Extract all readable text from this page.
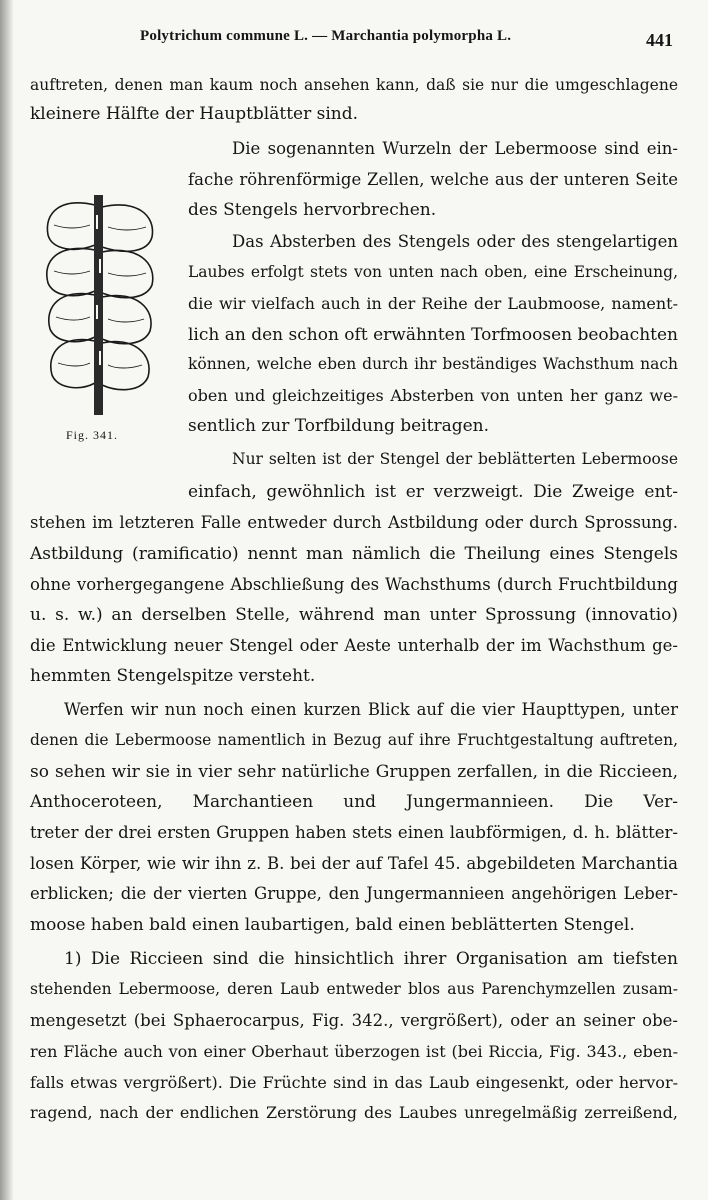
Polytrichum commune L. — Marchantia polymorpha L.	441
Fig. 341.
auftreten, denen man kaum noch ansehen kann, daß sie nur die umgeschlagene
kleinere Hälfte der Hauptblätter sind.
Die sogenannten Wurzeln der Lebermoose sind ein-
fache röhrenförmige Zellen, welche aus der unteren Seite
des Stengels hervorbrechen.
Das Absterben des Stengels oder des stengelartigen
Laubes erfolgt stets von unten nach oben, eine Erscheinung,
die wir vielfach auch in der Reihe der Laubmoose, nament-
lich an den schon oft erwähnten Torfmoosen beobachten
können, welche eben durch ihr beständiges Wachsthum nach
oben und gleichzeitiges Absterben von unten her ganz we-
sentlich zur Torfbildung beitragen.
Nur selten ist der Stengel der beblätterten Lebermoose
einfach, gewöhnlich ist er verzweigt. Die Zweige ent-
stehen im letzteren Falle entweder durch Astbildung oder durch Sprossung.
Astbildung (ramificatio) nennt man nämlich die Theilung eines Stengels
ohne vorhergegangene Abschließung des Wachsthums (durch Fruchtbildung
u. s. w.) an derselben Stelle, während man unter Sprossung (innovatio)
die Entwicklung neuer Stengel oder Aeste unterhalb der im Wachsthum ge-
hemmten Stengelspitze versteht.
Werfen wir nun noch einen kurzen Blick auf die vier Haupttypen, unter
denen die Lebermoose namentlich in Bezug auf ihre Fruchtgestaltung auftreten,
so sehen wir sie in vier sehr natürliche Gruppen zerfallen, in die Riccieen,
Anthoceroteen, Marchantieen und Jungermannieen. Die Ver-
treter der drei ersten Gruppen haben stets einen laubförmigen, d. h. blätter-
losen Körper, wie wir ihn z. B. bei der auf Tafel 45. abgebildeten Marchantia
erblicken; die der vierten Gruppe, den Jungermannieen angehörigen Leber-
moose haben bald einen laubartigen, bald einen beblätterten Stengel.
1) Die Riccieen sind die hinsichtlich ihrer Organisation am tiefsten
stehenden Lebermoose, deren Laub entweder blos aus Parenchymzellen zusam-
mengesetzt (bei Sphaerocarpus, Fig. 342., vergrößert), oder an seiner obe-
ren Fläche auch von einer Oberhaut überzogen ist (bei Riccia, Fig. 343., eben-
falls etwas vergrößert). Die Früchte sind in das Laub eingesenkt, oder hervor-
ragend, nach der endlichen Zerstörung des Laubes unregelmäßig zerreißend,
